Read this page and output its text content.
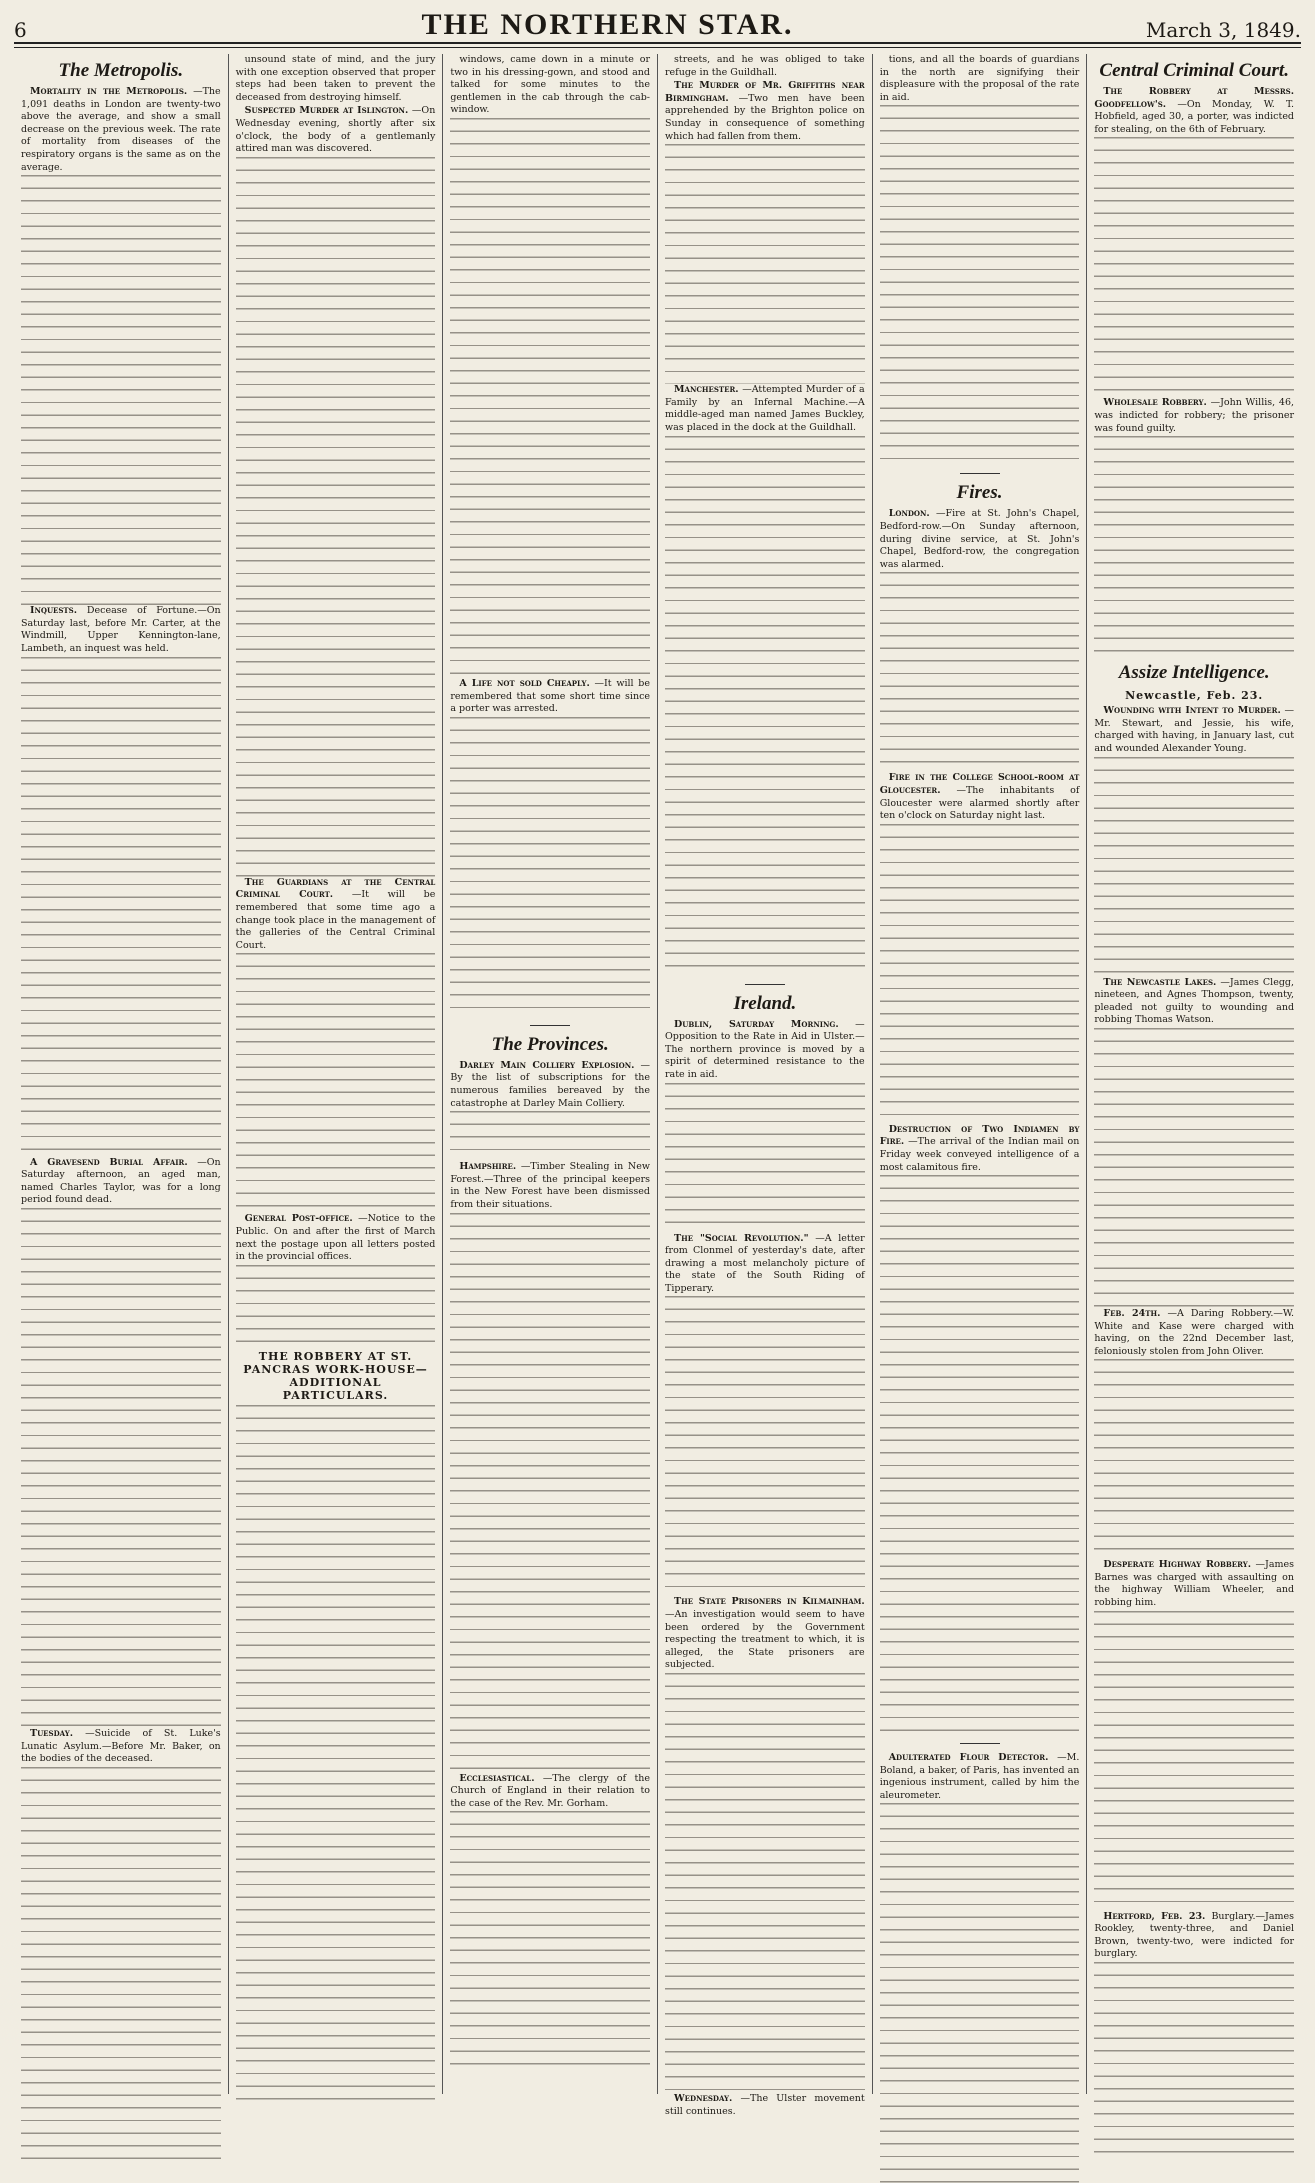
6	THE NORTHERN STAR.	March 3, 1849.
The Metropolis.

Mortality in the Metropolis. —The 1,091 deaths in London are twenty-two above the average, and show a small decrease on the previous week. The rate of mortality from diseases of the respiratory organs is the same as on the average.

Inquests. Decease of Fortune.—On Saturday last, before Mr. Carter, at the Windmill, Upper Kennington-lane, Lambeth, an inquest was held.

A Gravesend Burial Affair. —On Saturday afternoon, an aged man, named Charles Taylor, was for a long period found dead.

Tuesday. —Suicide of St. Luke's Lunatic Asylum.—Before Mr. Baker, on the bodies of the deceased.

unsound state of mind, and the jury with one exception observed that proper steps had been taken to prevent the deceased from destroying himself.

Suspected Murder at Islington. —On Wednesday evening, shortly after six o'clock, the body of a gentlemanly attired man was discovered.

The Guardians at the Central Criminal Court. —It will be remembered that some time ago a change took place in the management of the galleries of the Central Criminal Court.

General Post-office. —Notice to the Public. On and after the first of March next the postage upon all letters posted in the provincial offices.

THE ROBBERY AT ST. PANCRAS WORK-HOUSE—ADDITIONAL PARTICULARS.

windows, came down in a minute or two in his dressing-gown, and stood and talked for some minutes to the gentlemen in the cab through the cab-window.

A Life not sold Cheaply. —It will be remembered that some short time since a porter was arrested.

The Provinces.

Darley Main Colliery Explosion. —By the list of subscriptions for the numerous families bereaved by the catastrophe at Darley Main Colliery.

Hampshire. —Timber Stealing in New Forest.—Three of the principal keepers in the New Forest have been dismissed from their situations.

Ecclesiastical. —The clergy of the Church of England in their relation to the case of the Rev. Mr. Gorham.

streets, and he was obliged to take refuge in the Guildhall.

The Murder of Mr. Griffiths near Birmingham. —Two men have been apprehended by the Brighton police on Sunday in consequence of something which had fallen from them.

Manchester. —Attempted Murder of a Family by an Infernal Machine.—A middle-aged man named James Buckley, was placed in the dock at the Guildhall.

Ireland.

Dublin, Saturday Morning. —Opposition to the Rate in Aid in Ulster.—The northern province is moved by a spirit of determined resistance to the rate in aid.

The "Social Revolution." —A letter from Clonmel of yesterday's date, after drawing a most melancholy picture of the state of the South Riding of Tipperary.

The State Prisoners in Kilmainham. —An investigation would seem to have been ordered by the Government respecting the treatment to which, it is alleged, the State prisoners are subjected.

Wednesday. —The Ulster movement still continues.

tions, and all the boards of guardians in the north are signifying their displeasure with the proposal of the rate in aid.

Fires.

London. —Fire at St. John's Chapel, Bedford-row.—On Sunday afternoon, during divine service, at St. John's Chapel, Bedford-row, the congregation was alarmed.

Fire in the College School-room at Gloucester. —The inhabitants of Gloucester were alarmed shortly after ten o'clock on Saturday night last.

Destruction of Two Indiamen by Fire. —The arrival of the Indian mail on Friday week conveyed intelligence of a most calamitous fire.

Adulterated Flour Detector. —M. Boland, a baker, of Paris, has invented an ingenious instrument, called by him the aleurometer.

Central Criminal Court.

The Robbery at Messrs. Goodfellow's. —On Monday, W. T. Hobfield, aged 30, a porter, was indicted for stealing, on the 6th of February.

Wholesale Robbery. —John Willis, 46, was indicted for robbery; the prisoner was found guilty.

Assize Intelligence.
Newcastle, Feb. 23.

Wounding with Intent to Murder. —Mr. Stewart, and Jessie, his wife, charged with having, in January last, cut and wounded Alexander Young.

The Newcastle Lakes. —James Clegg, nineteen, and Agnes Thompson, twenty, pleaded not guilty to wounding and robbing Thomas Watson.

Feb. 24th. —A Daring Robbery.—W. White and Kase were charged with having, on the 22nd December last, feloniously stolen from John Oliver.

Desperate Highway Robbery. —James Barnes was charged with assaulting on the highway William Wheeler, and robbing him.

Hertford, Feb. 23. Burglary.—James Rookley, twenty-three, and Daniel Brown, twenty-two, were indicted for burglary.
